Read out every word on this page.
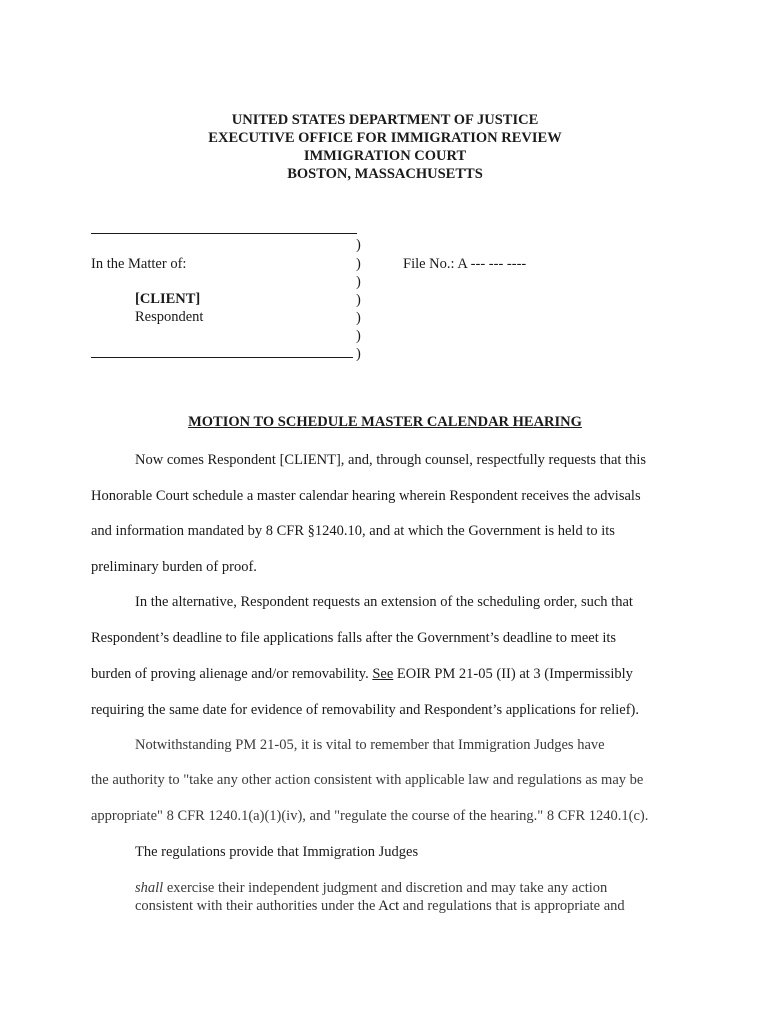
UNITED STATES DEPARTMENT OF JUSTICE
EXECUTIVE OFFICE FOR IMMIGRATION REVIEW
IMMIGRATION COURT
BOSTON, MASSACHUSETTS
)
)
)
)
)
)
)
In the Matter of:
[CLIENT]
Respondent
File No.: A --- --- ----
MOTION TO SCHEDULE MASTER CALENDAR HEARING
Now comes Respondent [CLIENT], and, through counsel, respectfully requests that this
Honorable Court schedule a master calendar hearing wherein Respondent receives the advisals
and information mandated by 8 CFR §1240.10, and at which the Government is held to its
preliminary burden of proof.
In the alternative, Respondent requests an extension of the scheduling order, such that
Respondent’s deadline to file applications falls after the Government’s deadline to meet its
burden of proving alienage and/or removability. See EOIR PM 21-05 (II) at 3 (Impermissibly
requiring the same date for evidence of removability and Respondent’s applications for relief).
Notwithstanding PM 21-05, it is vital to remember that Immigration Judges have
the authority to "take any other action consistent with applicable law and regulations as may be
appropriate" 8 CFR 1240.1(a)(1)(iv), and "regulate the course of the hearing." 8 CFR 1240.1(c).
The regulations provide that Immigration Judges
shall exercise their independent judgment and discretion and may take any action
consistent with their authorities under the Act and regulations that is appropriate and
